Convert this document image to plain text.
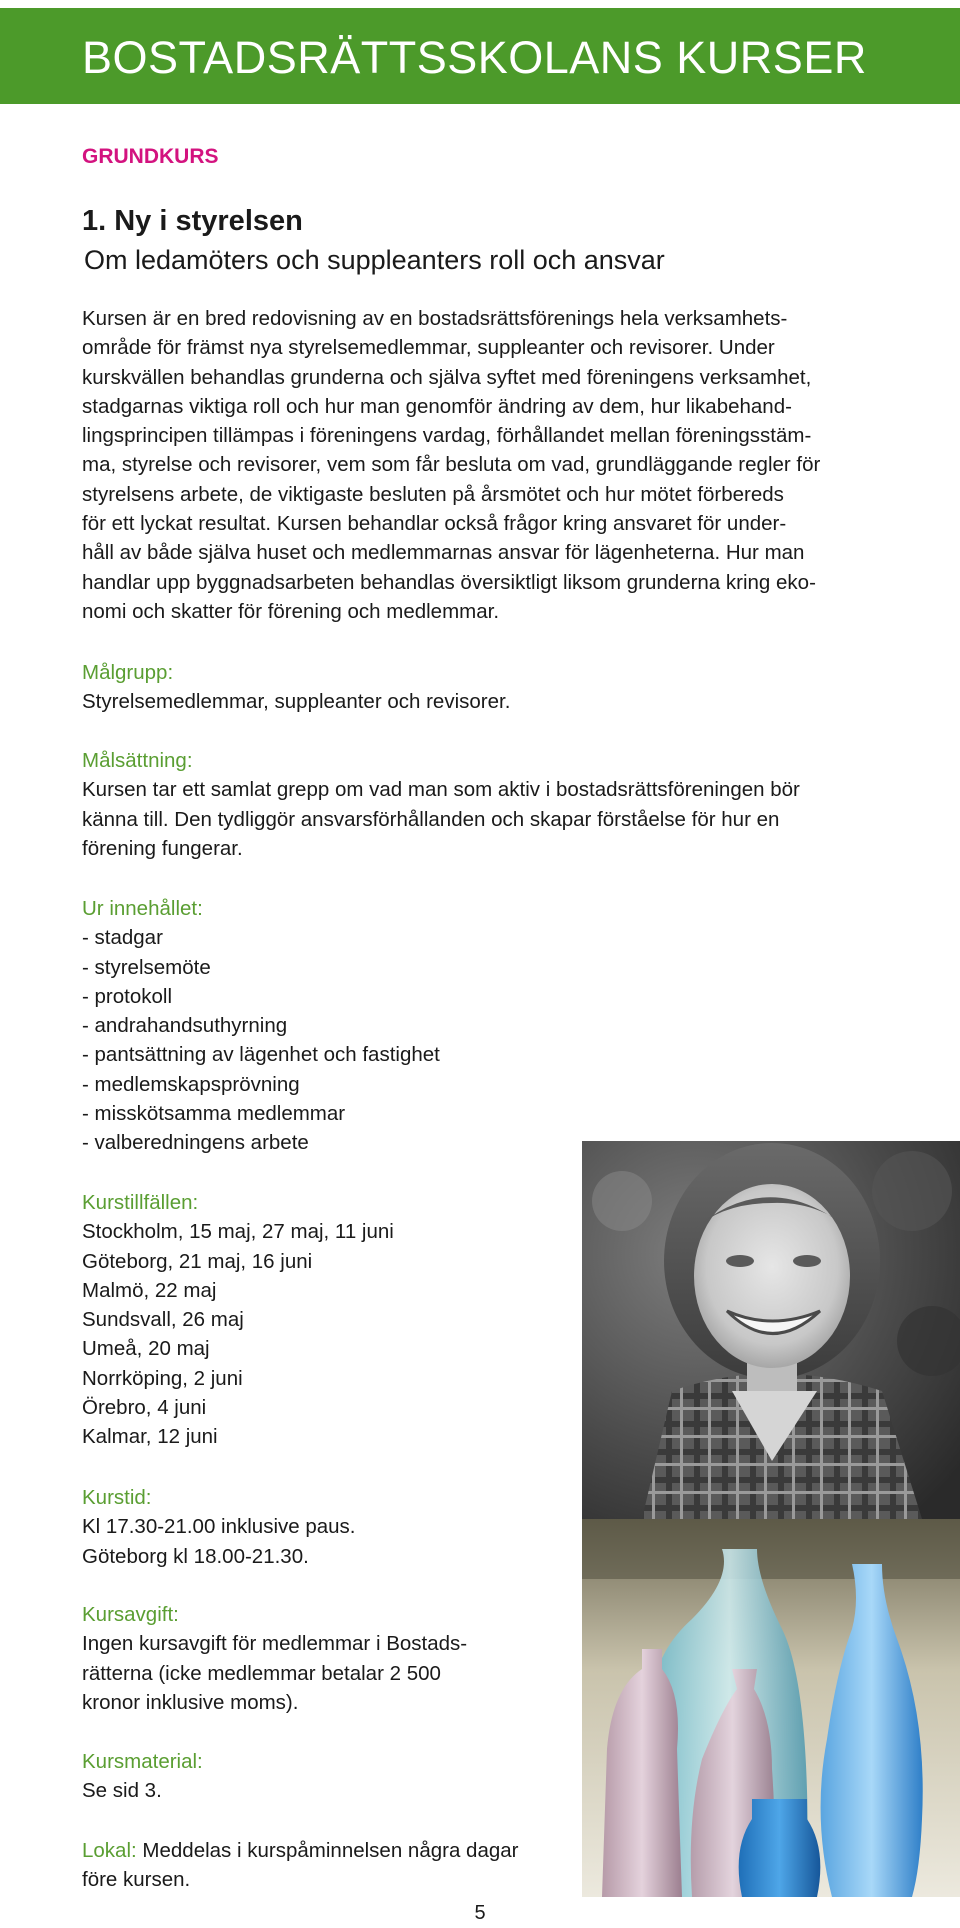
BOSTADSRÄTTSSKOLANS KURSER
GRUNDKURS
1. Ny i styrelsen
Om ledamöters och suppleanters roll och ansvar
Kursen är en bred redovisning av en bostadsrättsförenings hela verksamhets-
område för främst nya styrelsemedlemmar, suppleanter och revisorer. Under
kurskvällen behandlas grunderna och själva syftet med föreningens verksamhet,
stadgarnas viktiga roll och hur man genomför ändring av dem, hur likabehand-
lingsprincipen tillämpas i föreningens vardag, förhållandet mellan föreningsstäm-
ma, styrelse och revisorer, vem som får besluta om vad, grundläggande regler för
styrelsens arbete, de viktigaste besluten på årsmötet och hur mötet förbereds
för ett lyckat resultat. Kursen behandlar också frågor kring ansvaret för under-
håll av både själva huset och medlemmarnas ansvar för lägenheterna. Hur man
handlar upp byggnadsarbeten behandlas översiktligt liksom grunderna kring eko-
nomi och skatter för förening och medlemmar.
Målgrupp:
Styrelsemedlemmar, suppleanter och revisorer.
Målsättning:
Kursen tar ett samlat grepp om vad man som aktiv i bostadsrättsföreningen bör
känna till. Den tydliggör ansvarsförhållanden och skapar förståelse för hur en
förening fungerar.
Ur innehållet:
- stadgar
- styrelsemöte
- protokoll
- andrahandsuthyrning
- pantsättning av lägenhet och fastighet
- medlemskapsprövning
- misskötsamma medlemmar
- valberedningens arbete
Kurstillfällen:
Stockholm, 15 maj, 27 maj, 11 juni
Göteborg, 21 maj, 16 juni
Malmö, 22 maj
Sundsvall, 26 maj
Umeå, 20 maj
Norrköping, 2 juni
Örebro, 4 juni
Kalmar, 12 juni
Kurstid:
Kl 17.30-21.00 inklusive paus.
Göteborg kl 18.00-21.30.
Kursavgift:
Ingen kursavgift för medlemmar i Bostads-
rätterna (icke medlemmar betalar 2 500
kronor inklusive moms).
Kursmaterial:
Se sid 3.
Lokal: Meddelas i kurspåminnelsen några dagar
före kursen.
5
